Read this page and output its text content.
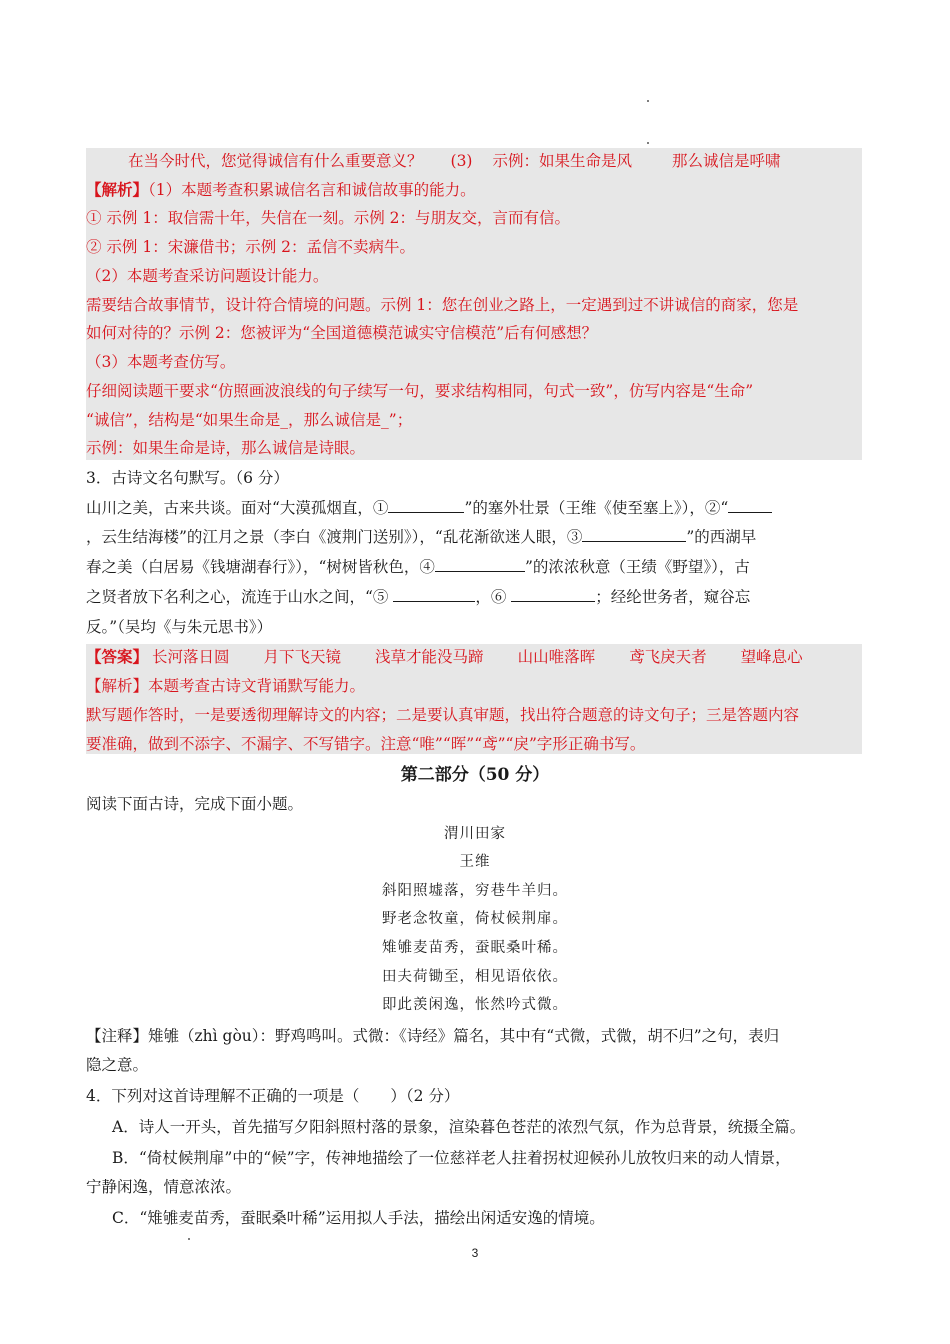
在当今时代，您觉得诚信有什么重要意义？ (3) 示例：如果生命是风	那么诚信是呼啸
【解析】（1）本题考查积累诚信名言和诚信故事的能力。
① 示例 1：取信需十年，失信在一刻。示例 2：与朋友交，言而有信。
② 示例 1：宋濂借书；示例 2：孟信不卖病牛。
（2）本题考查采访问题设计能力。
需要结合故事情节，设计符合情境的问题。示例 1：您在创业之路上，一定遇到过不讲诚信的商家，您是
如何对待的？示例 2：您被评为“全国道德模范诚实守信模范”后有何感想？
（3）本题考查仿写。
仔细阅读题干要求“仿照画波浪线的句子续写一句，要求结构相同，句式一致”，仿写内容是“生命”
“诚信”，结构是“如果生命是_，那么诚信是_”；
示例：如果生命是诗，那么诚信是诗眼。
3．古诗文名句默写。（6 分）
山川之美，古来共谈。面对“大漠孤烟直，①	”的塞外壮景（王维《使至塞上》），②“
，云生结海楼”的江月之景（李白《渡荆门送别》），“乱花渐欲迷人眼，③	”的西湖早
春之美（白居易《钱塘湖春行》），“树树皆秋色，④	”的浓浓秋意（王绩《野望》），古
之贤者放下名利之心，流连于山水之间，“⑤	，⑥	；经纶世务者，窥谷忘
反。”（吴均《与朱元思书》）
【答案】 长河落日圆 月下飞天镜 浅草才能没马蹄 山山唯落晖 鸢飞戾天者 望峰息心
【解析】本题考查古诗文背诵默写能力。
默写题作答时，一是要透彻理解诗文的内容；二是要认真审题，找出符合题意的诗文句子；三是答题内容
要准确，做到不添字、不漏字、不写错字。注意“唯”“晖”“鸢”“戾”字形正确书写。
第二部分（50 分）
阅读下面古诗，完成下面小题。
渭川田家
王维
斜阳照墟落，穷巷牛羊归。
野老念牧童，倚杖候荆扉。
雉雊麦苗秀，蚕眠桑叶稀。
田夫荷锄至，相见语依依。
即此羡闲逸，怅然吟式微。
【注释】雉雊（zhì gòu）：野鸡鸣叫。式微：《诗经》篇名，其中有“式微，式微，胡不归”之句，表归
隐之意。
4．下列对这首诗理解不正确的一项是（　　）（2 分）
A．诗人一开头，首先描写夕阳斜照村落的景象，渲染暮色苍茫的浓烈气氛，作为总背景，统摄全篇。
B．“倚杖候荆扉”中的“候”字，传神地描绘了一位慈祥老人拄着拐杖迎候孙儿放牧归来的动人情景，
宁静闲逸，情意浓浓。
C．“雉雊麦苗秀，蚕眠桑叶稀”运用拟人手法，描绘出闲适安逸的情境。
3
